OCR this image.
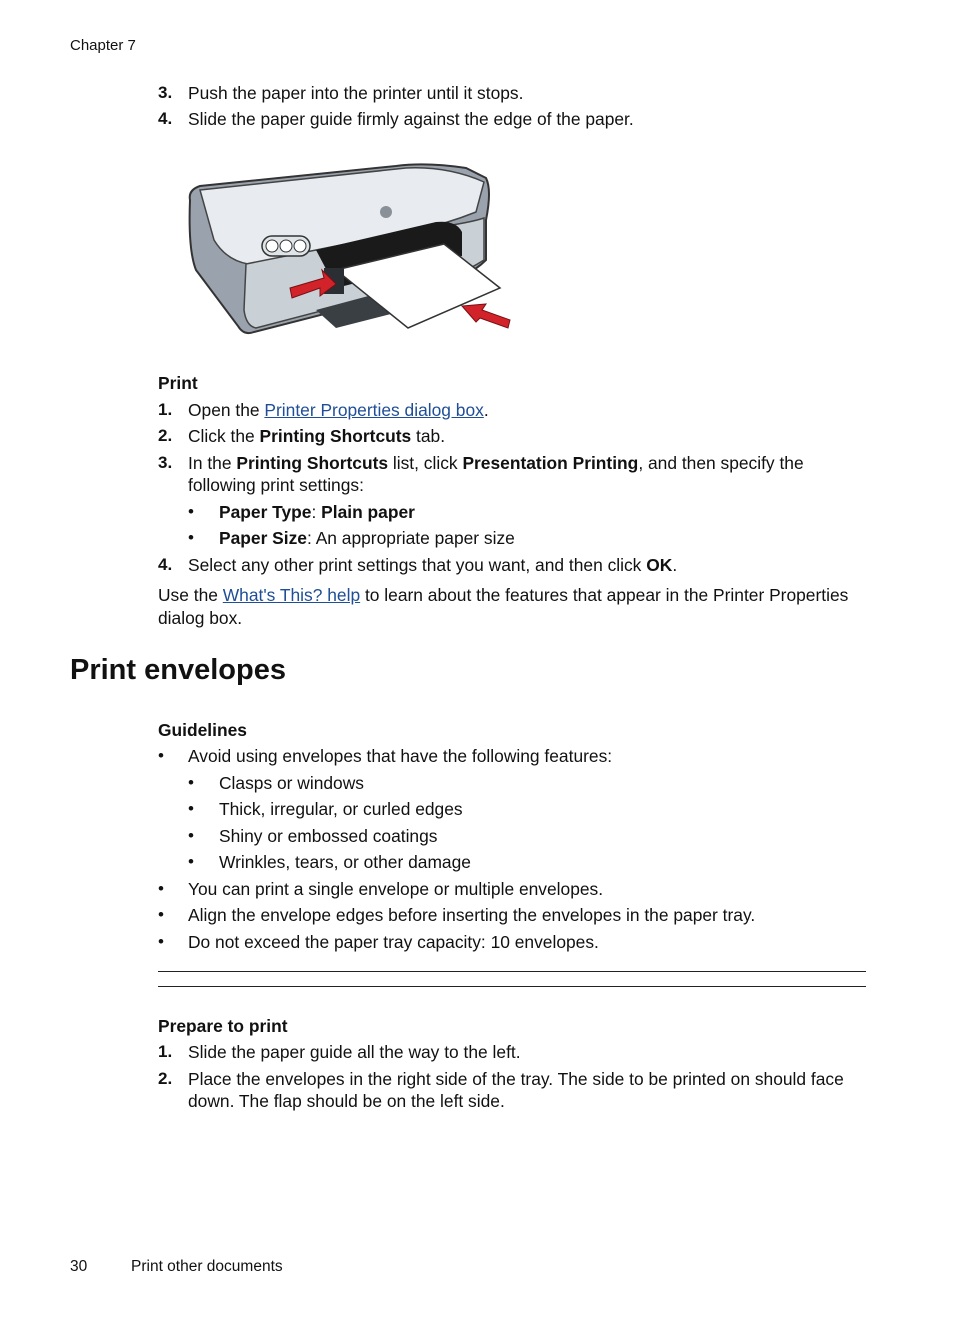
Chapter 7
3. Push the paper into the printer until it stops.
4. Slide the paper guide firmly against the edge of the paper.
Print
1. Open the Printer Properties dialog box.
2. Click the Printing Shortcuts tab.
3. In the Printing Shortcuts list, click Presentation Printing, and then specify the
following print settings:
• Paper Type: Plain paper
• Paper Size: An appropriate paper size
4. Select any other print settings that you want, and then click OK.
Use the What's This? help to learn about the features that appear in the Printer Properties
dialog box.
Print envelopes
Guidelines
• Avoid using envelopes that have the following features:
• Clasps or windows
• Thick, irregular, or curled edges
• Shiny or embossed coatings
• Wrinkles, tears, or other damage
• You can print a single envelope or multiple envelopes.
• Align the envelope edges before inserting the envelopes in the paper tray.
• Do not exceed the paper tray capacity: 10 envelopes.
Prepare to print
1. Slide the paper guide all the way to the left.
2. Place the envelopes in the right side of the tray. The side to be printed on should face
down. The flap should be on the left side.
30	Print other documents
